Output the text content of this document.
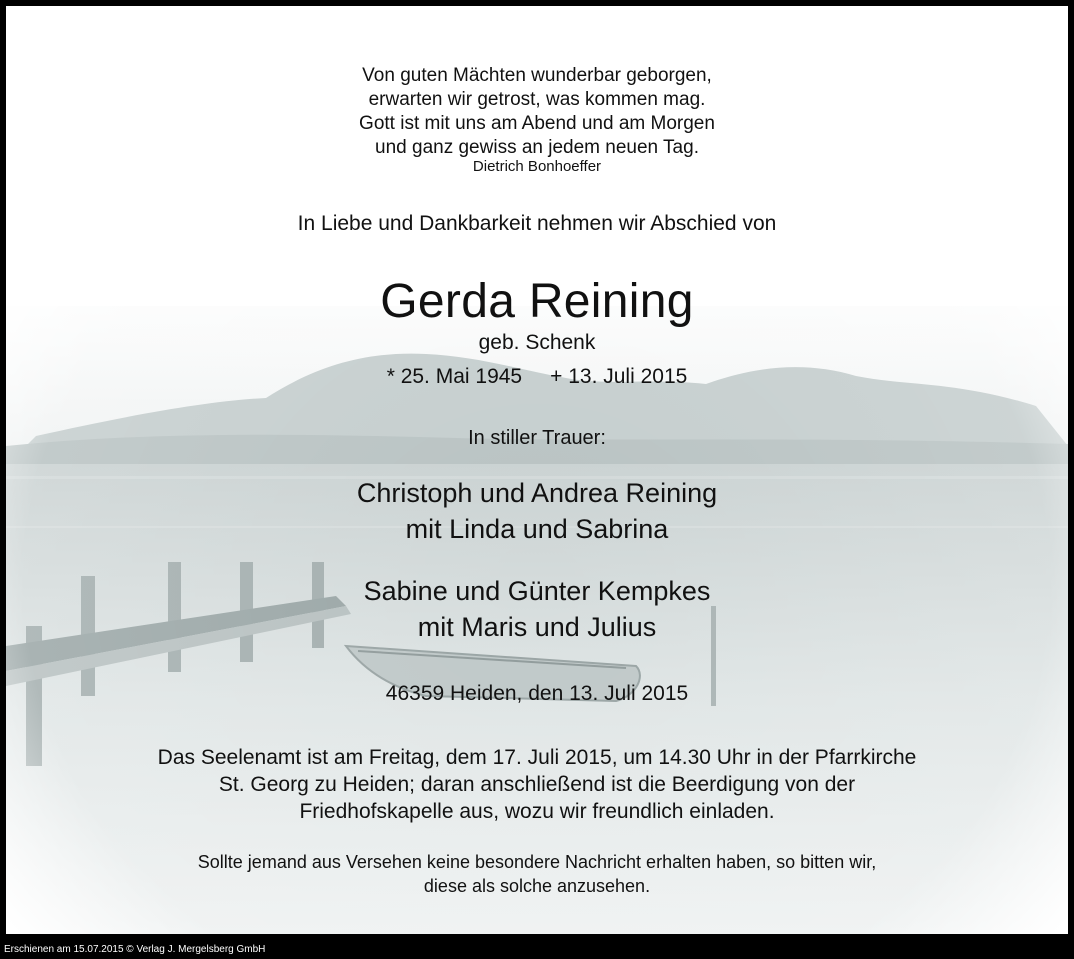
Von guten Mächten wunderbar geborgen,
erwarten wir getrost, was kommen mag.
Gott ist mit uns am Abend und am Morgen
und ganz gewiss an jedem neuen Tag.
Dietrich Bonhoeffer
In Liebe und Dankbarkeit nehmen wir Abschied von
Gerda Reining
geb. Schenk
* 25. Mai 1945 + 13. Juli 2015
In stiller Trauer:
Christoph und Andrea Reining
mit Linda und Sabrina
Sabine und Günter Kempkes
mit Maris und Julius
46359 Heiden, den 13. Juli 2015
Das Seelenamt ist am Freitag, dem 17. Juli 2015, um 14.30 Uhr in der Pfarrkirche
St. Georg zu Heiden; daran anschließend ist die Beerdigung von der
Friedhofskapelle aus, wozu wir freundlich einladen.
Sollte jemand aus Versehen keine besondere Nachricht erhalten haben, so bitten wir,
diese als solche anzusehen.
Erschienen am 15.07.2015 © Verlag J. Mergelsberg GmbH
